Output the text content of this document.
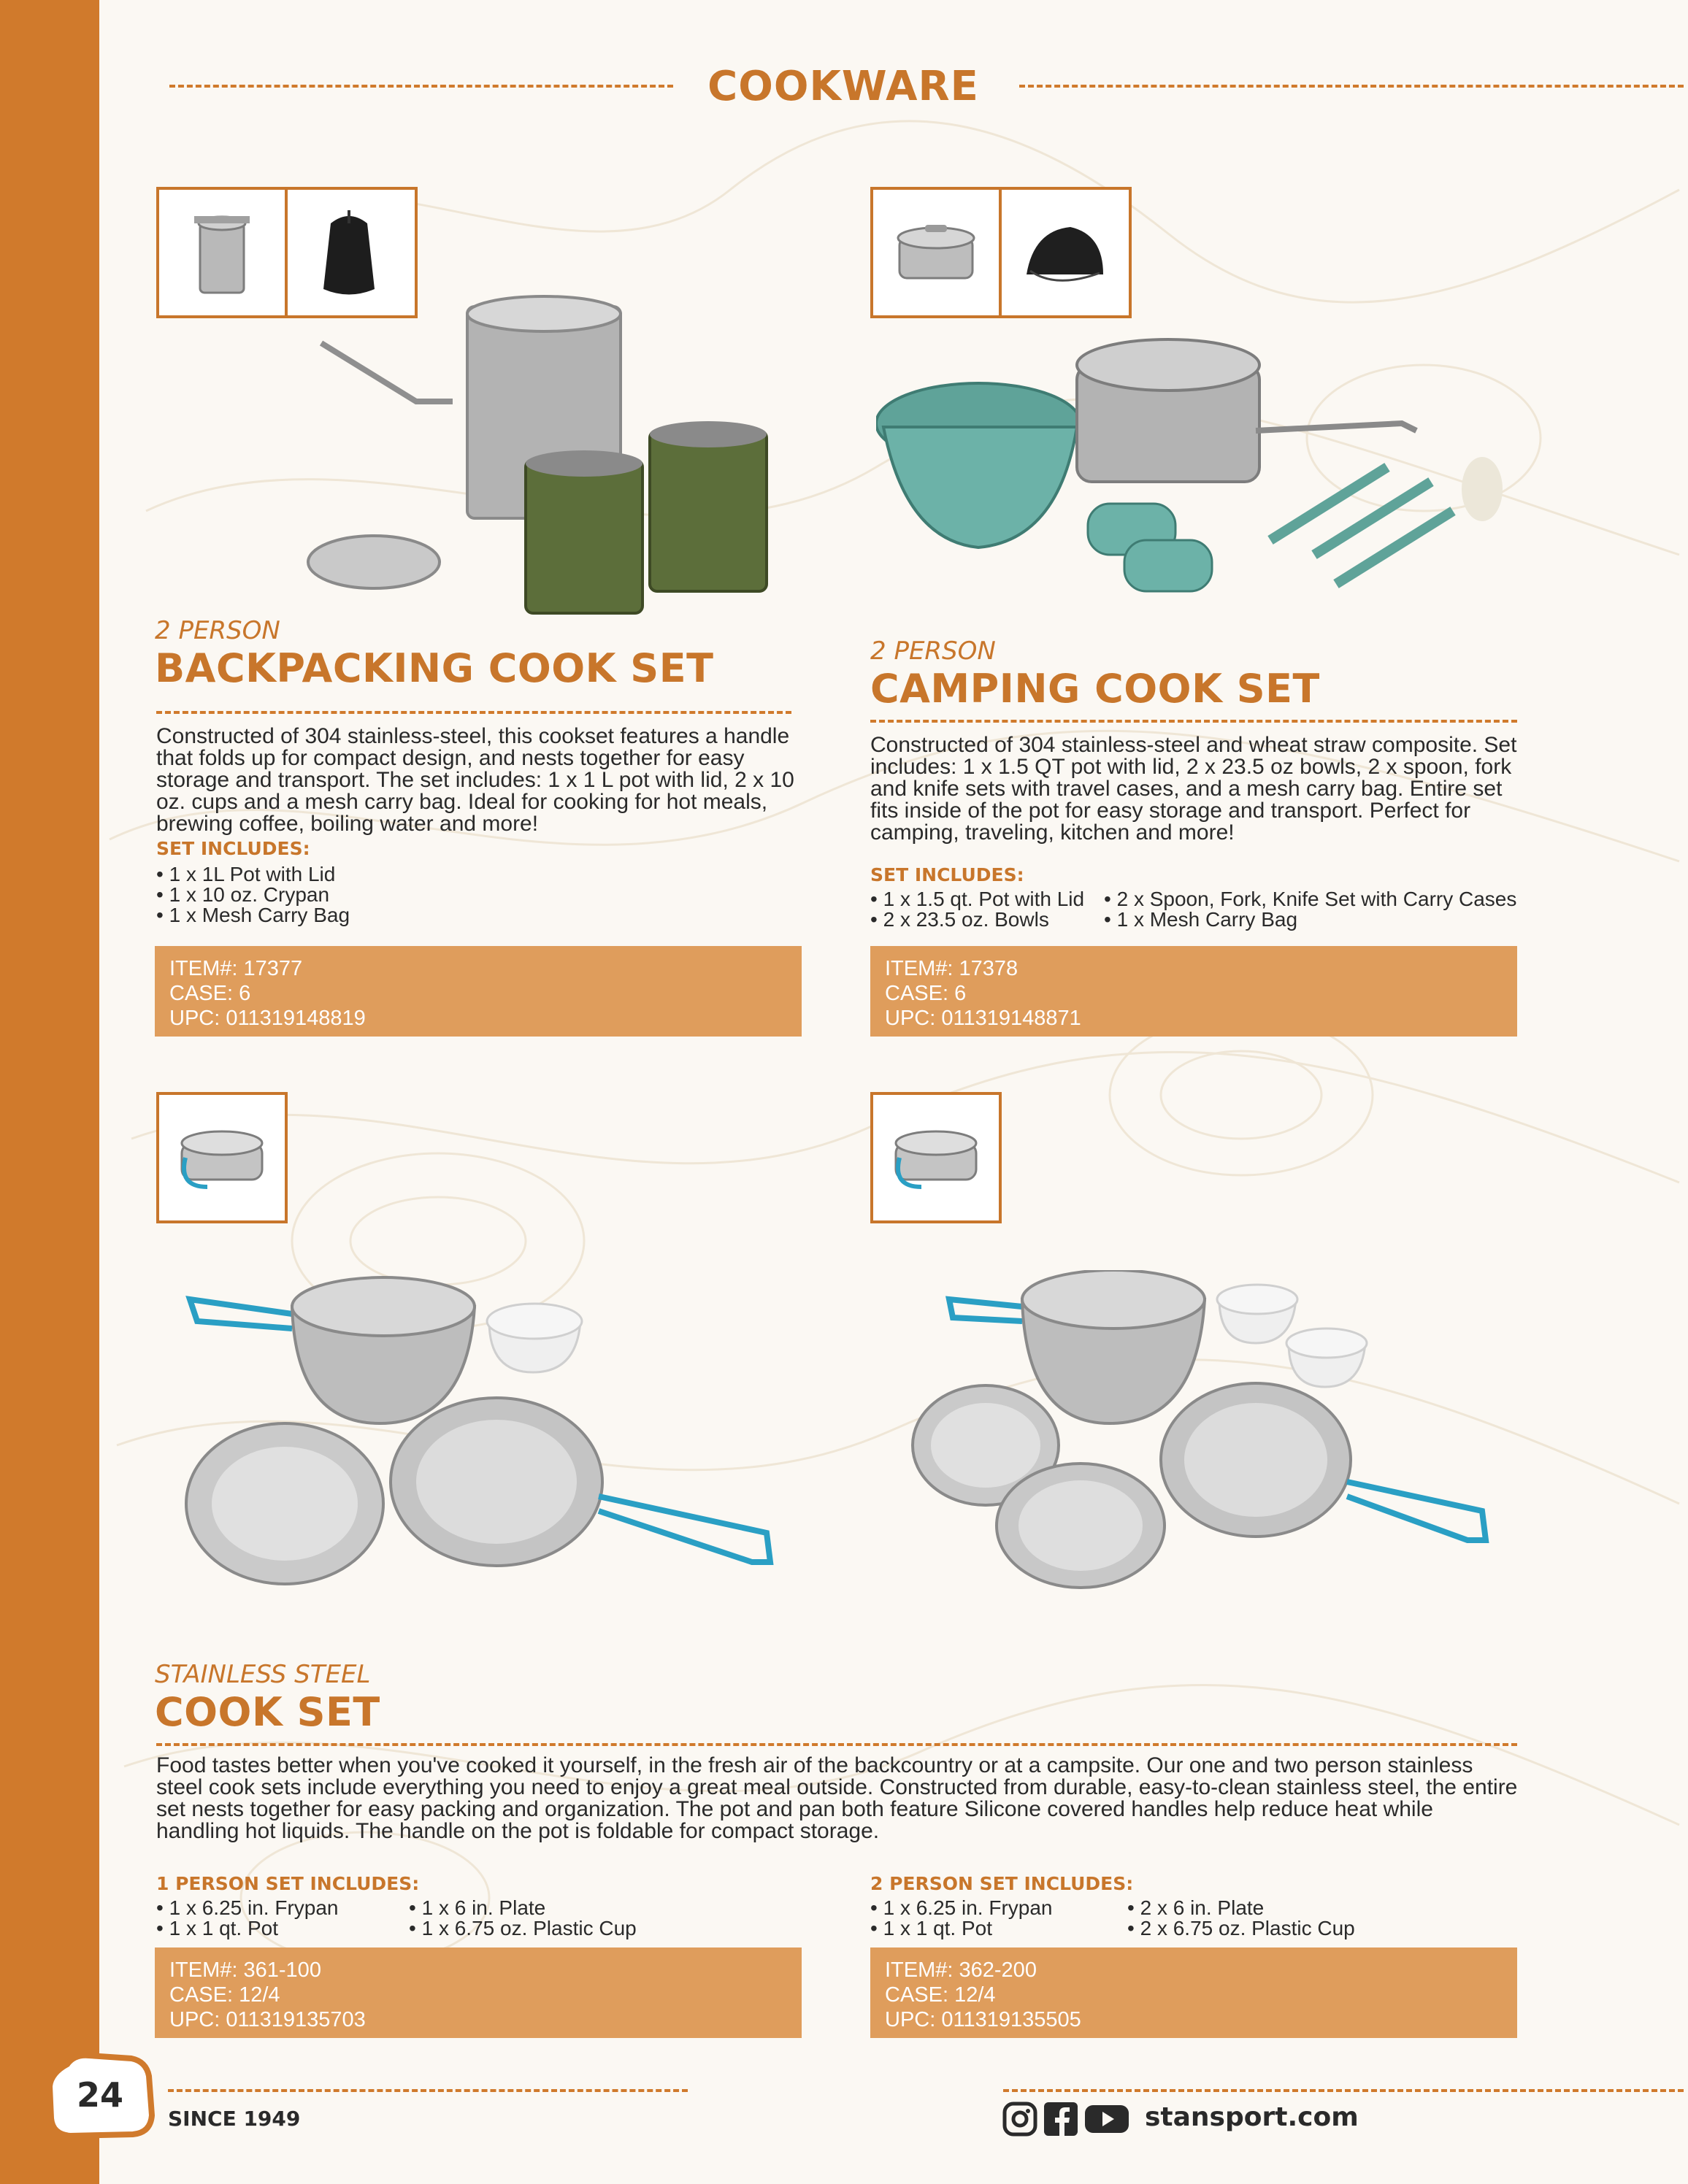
COOKWARE
2 PERSON
BACKPACKING COOK SET
Constructed of 304 stainless-steel, this cookset features a handle that folds up for compact design, and nests together for easy storage and transport. The set includes: 1 x 1 L pot with lid, 2 x 10 oz. cups and a mesh carry bag. Ideal for cooking for hot meals, brewing coffee, boiling water and more!
SET INCLUDES:
• 1 x 1L Pot with Lid
• 1 x 10 oz. Crypan
• 1 x Mesh Carry Bag
ITEM#: 17377
CASE: 6
UPC: 011319148819
2 PERSON
CAMPING COOK SET
Constructed of 304 stainless-steel and wheat straw composite. Set includes: 1 x 1.5 QT pot with lid, 2 x 23.5 oz bowls, 2 x spoon, fork and knife sets with travel cases, and a mesh carry bag. Entire set fits inside of the pot for easy storage and transport. Perfect for camping, traveling, kitchen and more!
SET INCLUDES:
• 1 x 1.5 qt. Pot with Lid
• 2 x 23.5 oz. Bowls
• 2 x Spoon, Fork, Knife Set with Carry Cases
• 1 x Mesh Carry Bag
ITEM#: 17378
CASE: 6
UPC: 011319148871
STAINLESS STEEL
COOK SET
Food tastes better when you've cooked it yourself, in the fresh air of the backcountry or at a campsite. Our one and two person stainless steel cook sets include everything you need to enjoy a great meal outside. Constructed from durable, easy-to-clean stainless steel, the entire set nests together for easy packing and organization. The pot and pan both feature Silicone covered handles help reduce heat while handling hot liquids. The handle on the pot is foldable for compact storage.
1 PERSON SET INCLUDES:
• 1 x 6.25 in. Frypan
• 1 x 1 qt. Pot
• 1 x 6 in. Plate
• 1 x 6.75 oz. Plastic Cup
ITEM#: 361-100
CASE: 12/4
UPC: 011319135703
2 PERSON SET INCLUDES:
• 1 x 6.25 in. Frypan
• 1 x 1 qt. Pot
• 2 x 6 in. Plate
• 2 x 6.75 oz. Plastic Cup
ITEM#: 362-200
CASE: 12/4
UPC: 011319135505
24
SINCE 1949	stansport.com
